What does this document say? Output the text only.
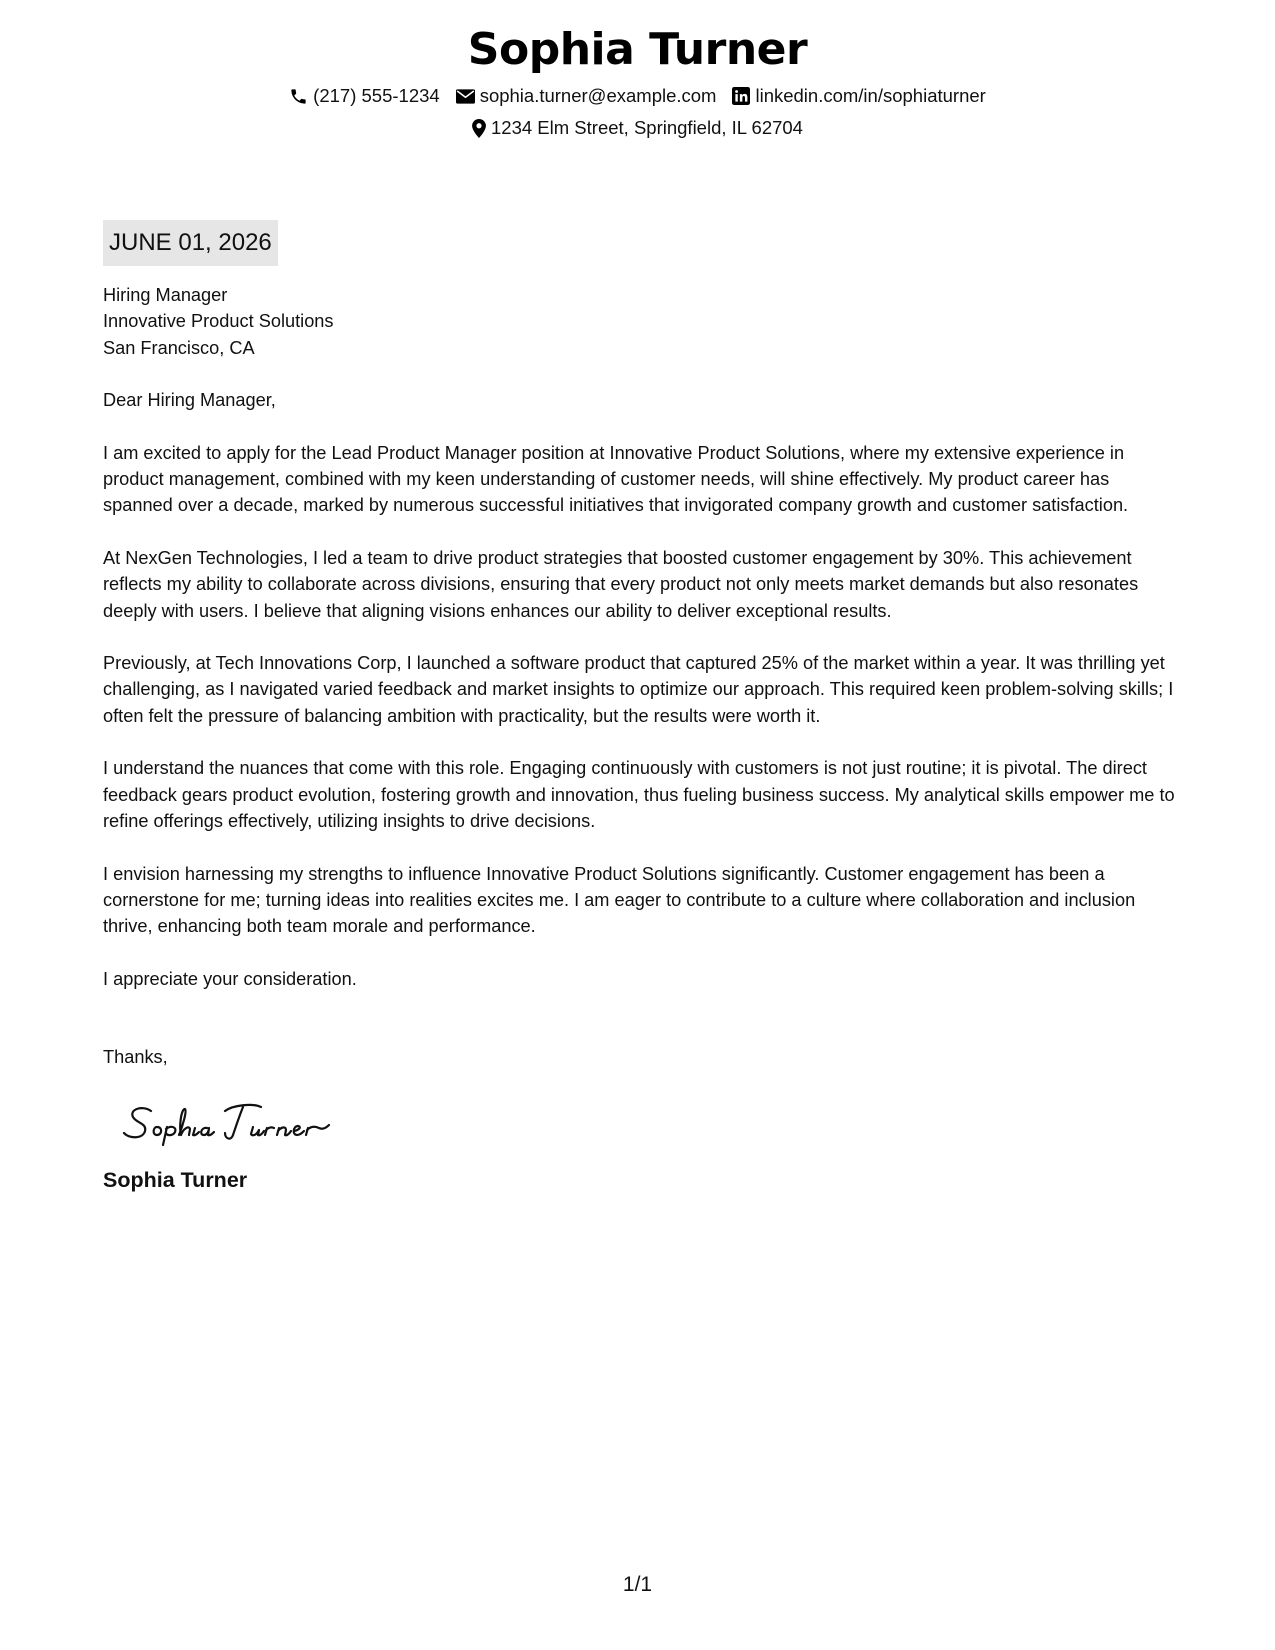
Sophia Turner
(217) 555-1234 sophia.turner@example.com linkedin.com/in/sophiaturner
1234 Elm Street, Springfield, IL 62704
JUNE 01, 2026
Hiring Manager
Innovative Product Solutions
San Francisco, CA
Dear Hiring Manager,

I am excited to apply for the Lead Product Manager position at Innovative Product Solutions, where my extensive experience in product management, combined with my keen understanding of customer needs, will shine effectively. My product career has spanned over a decade, marked by numerous successful initiatives that invigorated company growth and customer satisfaction.

At NexGen Technologies, I led a team to drive product strategies that boosted customer engagement by 30%. This achievement reflects my ability to collaborate across divisions, ensuring that every product not only meets market demands but also resonates deeply with users. I believe that aligning visions enhances our ability to deliver exceptional results.

Previously, at Tech Innovations Corp, I launched a software product that captured 25% of the market within a year. It was thrilling yet challenging, as I navigated varied feedback and market insights to optimize our approach. This required keen problem-solving skills; I often felt the pressure of balancing ambition with practicality, but the results were worth it.

I understand the nuances that come with this role. Engaging continuously with customers is not just routine; it is pivotal. The direct feedback gears product evolution, fostering growth and innovation, thus fueling business success. My analytical skills empower me to refine offerings effectively, utilizing insights to drive decisions.

I envision harnessing my strengths to influence Innovative Product Solutions significantly. Customer engagement has been a cornerstone for me; turning ideas into realities excites me. I am eager to contribute to a culture where collaboration and inclusion thrive, enhancing both team morale and performance.

I appreciate your consideration.
Thanks,
Sophia Turner
1/1
